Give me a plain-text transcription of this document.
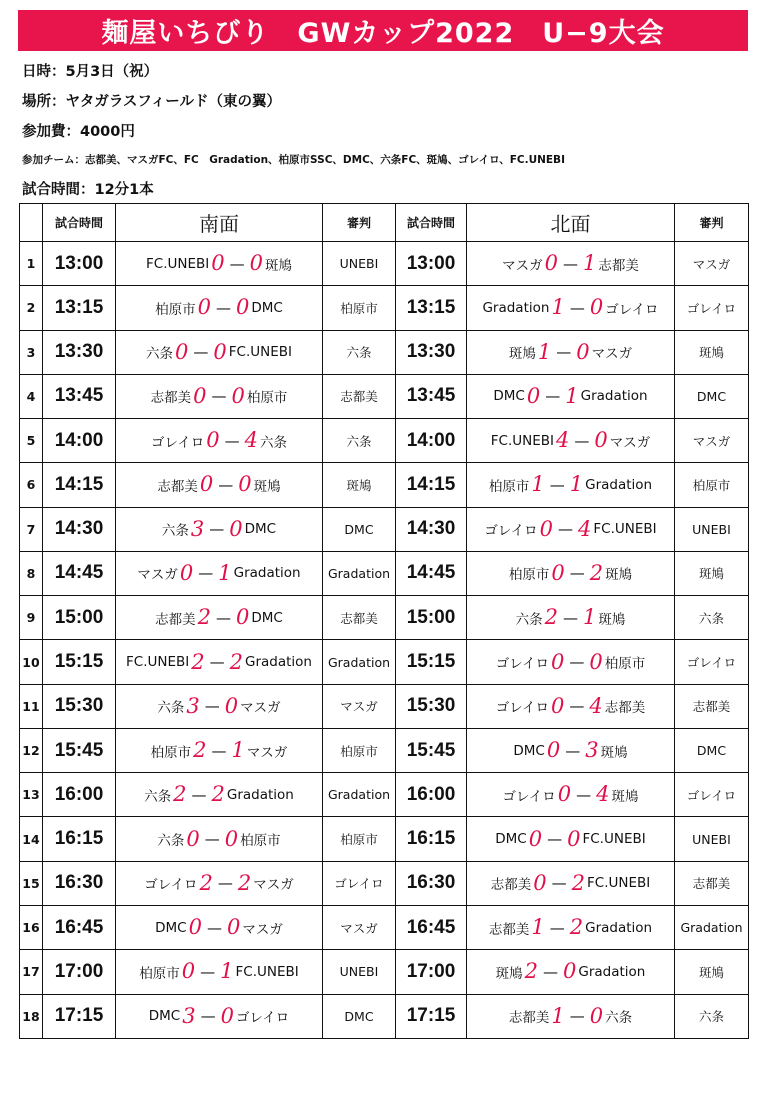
麺屋いちびり　GWカップ2022　U−9大会
日時：5月3日（祝）
場所：ヤタガラスフィールド（東の翼）
参加費：4000円
参加チーム：志都美、マスガFC、FC　Gradation、柏原市SSC、DMC、六条FC、斑鳩、ゴレイロ、FC.UNEBI
試合時間：12分1本
	試合時間	南面	審判	試合時間	北面	審判
1	13:00	FC.UNEBI 0 — 0 斑鳩	UNEBI	13:00	マスガ 0 — 1 志都美	マスガ
2	13:15	柏原市 0 — 0 DMC	柏原市	13:15	Gradation 1 — 0 ゴレイロ	ゴレイロ
3	13:30	六条 0 — 0 FC.UNEBI	六条	13:30	斑鳩 1 — 0 マスガ	斑鳩
4	13:45	志都美 0 — 0 柏原市	志都美	13:45	DMC 0 — 1 Gradation	DMC
5	14:00	ゴレイロ 0 — 4 六条	六条	14:00	FC.UNEBI 4 — 0 マスガ	マスガ
6	14:15	志都美 0 — 0 斑鳩	斑鳩	14:15	柏原市 1 — 1 Gradation	柏原市
7	14:30	六条 3 — 0 DMC	DMC	14:30	ゴレイロ 0 — 4 FC.UNEBI	UNEBI
8	14:45	マスガ 0 — 1 Gradation	Gradation	14:45	柏原市 0 — 2 斑鳩	斑鳩
9	15:00	志都美 2 — 0 DMC	志都美	15:00	六条 2 — 1 斑鳩	六条
10	15:15	FC.UNEBI 2 — 2 Gradation	Gradation	15:15	ゴレイロ 0 — 0 柏原市	ゴレイロ
11	15:30	六条 3 — 0 マスガ	マスガ	15:30	ゴレイロ 0 — 4 志都美	志都美
12	15:45	柏原市 2 — 1 マスガ	柏原市	15:45	DMC 0 — 3 斑鳩	DMC
13	16:00	六条 2 — 2 Gradation	Gradation	16:00	ゴレイロ 0 — 4 斑鳩	ゴレイロ
14	16:15	六条 0 — 0 柏原市	柏原市	16:15	DMC 0 — 0 FC.UNEBI	UNEBI
15	16:30	ゴレイロ 2 — 2 マスガ	ゴレイロ	16:30	志都美 0 — 2 FC.UNEBI	志都美
16	16:45	DMC 0 — 0 マスガ	マスガ	16:45	志都美 1 — 2 Gradation	Gradation
17	17:00	柏原市 0 — 1 FC.UNEBI	UNEBI	17:00	斑鳩 2 — 0 Gradation	斑鳩
18	17:15	DMC 3 — 0 ゴレイロ	DMC	17:15	志都美 1 — 0 六条	六条
